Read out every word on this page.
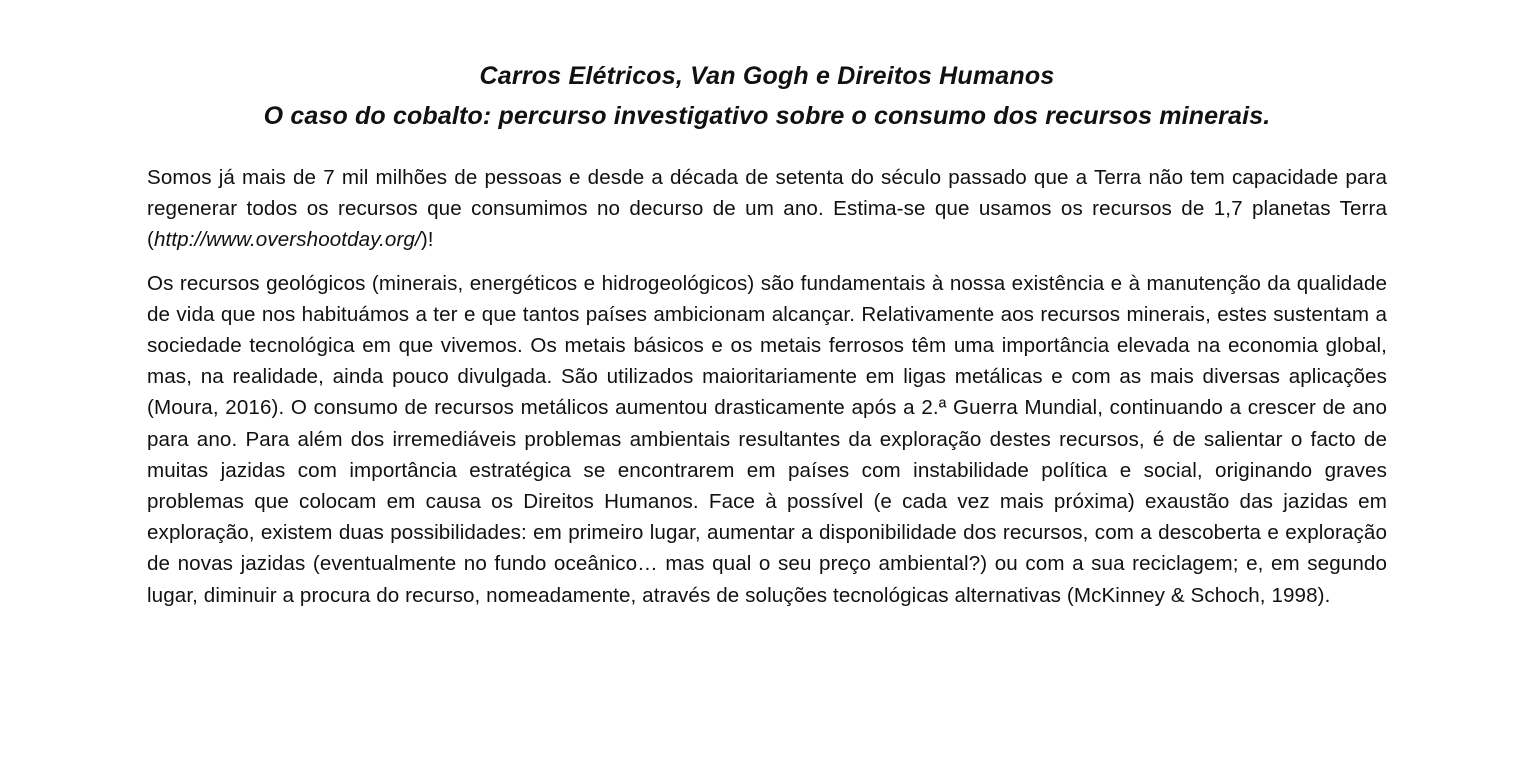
Carros Elétricos, Van Gogh e Direitos Humanos
O caso do cobalto: percurso investigativo sobre o consumo dos recursos minerais.

Somos já mais de 7 mil milhões de pessoas e desde a década de setenta do século passado que a Terra não tem capacidade para regenerar todos os recursos que consumimos no decurso de um ano. Estima-se que usamos os recursos de 1,7 planetas Terra (http://www.overshootday.org/)!

Os recursos geológicos (minerais, energéticos e hidrogeológicos) são fundamentais à nossa existência e à manutenção da qualidade de vida que nos habituámos a ter e que tantos países ambicionam alcançar. Relativamente aos recursos minerais, estes sustentam a sociedade tecnológica em que vivemos. Os metais básicos e os metais ferrosos têm uma importância elevada na economia global, mas, na realidade, ainda pouco divulgada. São utilizados maioritariamente em ligas metálicas e com as mais diversas aplicações (Moura, 2016). O consumo de recursos metálicos aumentou drasticamente após a 2.ª Guerra Mundial, continuando a crescer de ano para ano. Para além dos irremediáveis problemas ambientais resultantes da exploração destes recursos, é de salientar o facto de muitas jazidas com importância estratégica se encontrarem em países com instabilidade política e social, originando graves problemas que colocam em causa os Direitos Humanos. Face à possível (e cada vez mais próxima) exaustão das jazidas em exploração, existem duas possibilidades: em primeiro lugar, aumentar a disponibilidade dos recursos, com a descoberta e exploração de novas jazidas (eventualmente no fundo oceânico… mas qual o seu preço ambiental?) ou com a sua reciclagem; e, em segundo lugar, diminuir a procura do recurso, nomeadamente, através de soluções tecnológicas alternativas (McKinney & Schoch, 1998).
